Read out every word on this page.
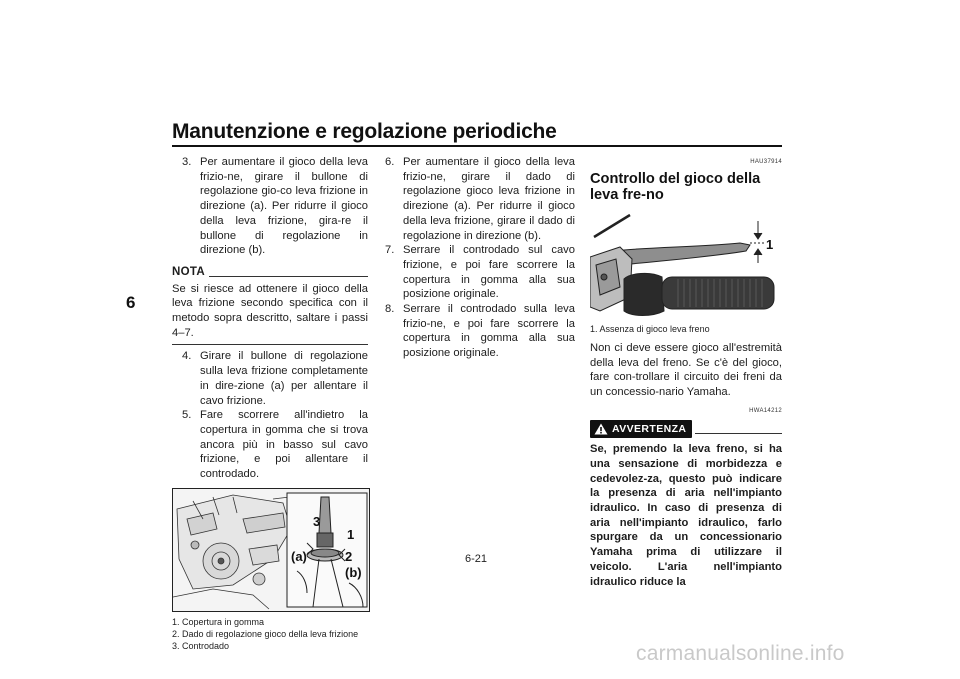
Manutenzione e regolazione periodiche
6
3. Per aumentare il gioco della leva frizio-ne, girare il bullone di regolazione gio-co leva frizione in direzione (a). Per ridurre il gioco della leva frizione, gira-re il bullone di regolazione in direzione (b).
NOTA
Se si riesce ad ottenere il gioco della leva frizione secondo specifica con il metodo sopra descritto, saltare i passi 4–7.
4. Girare il bullone di regolazione sulla leva frizione completamente in dire-zione (a) per allentare il cavo frizione.
5. Fare scorrere all'indietro la copertura in gomma che si trova ancora più in basso sul cavo frizione, e poi allentare il controdado.
3
1
2
(a)
(b)
1. Copertura in gomma
2. Dado di regolazione gioco della leva frizione
3. Controdado
6. Per aumentare il gioco della leva frizio-ne, girare il dado di regolazione gioco leva frizione in direzione (a). Per ridurre il gioco della leva frizione, girare il dado di regolazione in direzione (b).
7. Serrare il controdado sul cavo frizione, e poi fare scorrere la copertura in gomma alla sua posizione originale.
8. Serrare il controdado sulla leva frizio-ne, e poi fare scorrere la copertura in gomma alla sua posizione originale.
HAU37914
Controllo del gioco della leva fre-no
1
1. Assenza di gioco leva freno
Non ci deve essere gioco all'estremità della leva del freno. Se c'è del gioco, fare con-trollare il circuito dei freni da un concessio-nario Yamaha.
HWA14212
AVVERTENZA
Se, premendo la leva freno, si ha una sensazione di morbidezza e cedevolez-za, questo può indicare la presenza di aria nell'impianto idraulico. In caso di presenza di aria nell'impianto idraulico, farlo spurgare da un concessionario Yamaha prima di utilizzare il veicolo. L'aria nell'impianto idraulico riduce la
6-21
carmanualsonline.info
